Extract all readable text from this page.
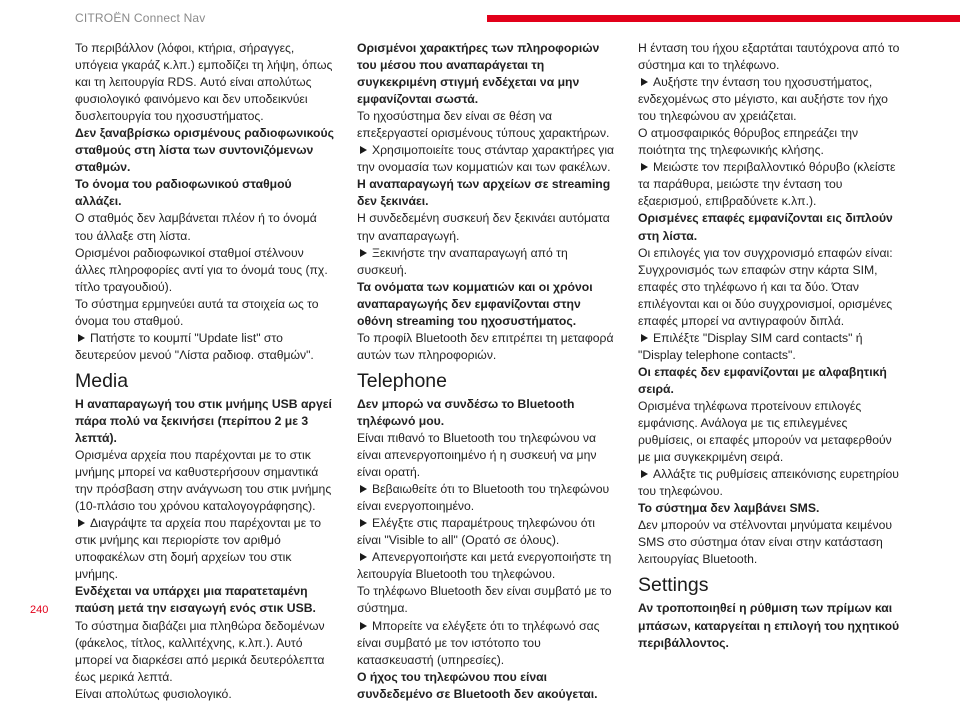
CITROËN Connect Nav
Το περιβάλλον (λόφοι, κτήρια, σήραγγες, υπόγεια γκαράζ κ.λπ.) εμποδίζει τη λήψη, όπως και τη λειτουργία RDS. Αυτό είναι απολύτως φυσιολογικό φαινόμενο και δεν υποδεικνύει δυσλειτουργία του ηχοσυστήματος.
Δεν ξαναβρίσκω ορισμένους ραδιοφωνικούς σταθμούς στη λίστα των συντονιζόμενων σταθμών.
Το όνομα του ραδιοφωνικού σταθμού αλλάζει.
Ο σταθμός δεν λαμβάνεται πλέον ή το όνομά του άλλαξε στη λίστα.
Ορισμένοι ραδιοφωνικοί σταθμοί στέλνουν άλλες πληροφορίες αντί για το όνομά τους (πχ. τίτλο τραγουδιού).
Το σύστημα ερμηνεύει αυτά τα στοιχεία ως το όνομα του σταθμού.
Πατήστε το κουμπί "Update list" στο δευτερεύον μενού "Λίστα ραδιοφ. σταθμών".
Media
Η αναπαραγωγή του στικ μνήμης USB αργεί πάρα πολύ να ξεκινήσει (περίπου 2 με 3 λεπτά).
Ορισμένα αρχεία που παρέχονται με το στικ μνήμης μπορεί να καθυστερήσουν σημαντικά την πρόσβαση στην ανάγνωση του στικ μνήμης (10-πλάσιο του χρόνου καταλογογράφησης).
Διαγράψτε τα αρχεία που παρέχονται με το στικ μνήμης και περιορίστε τον αριθμό υποφακέλων στη δομή αρχείων του στικ μνήμης.
Ενδέχεται να υπάρχει μια παρατεταμένη παύση μετά την εισαγωγή ενός στικ USB.
Το σύστημα διαβάζει μια πληθώρα δεδομένων (φάκελος, τίτλος, καλλιτέχνης, κ.λπ.). Αυτό μπορεί να διαρκέσει από μερικά δευτερόλεπτα έως μερικά λεπτά.
Είναι απολύτως φυσιολογικό.
Ορισμένοι χαρακτήρες των πληροφοριών του μέσου που αναπαράγεται τη συγκεκριμένη στιγμή ενδέχεται να μην εμφανίζονται σωστά.
Το ηχοσύστημα δεν είναι σε θέση να επεξεργαστεί ορισμένους τύπους χαρακτήρων.
Χρησιμοποιείτε τους στάνταρ χαρακτήρες για την ονομασία των κομματιών και των φακέλων.
Η αναπαραγωγή των αρχείων σε streaming δεν ξεκινάει.
Η συνδεδεμένη συσκευή δεν ξεκινάει αυτόματα την αναπαραγωγή.
Ξεκινήστε την αναπαραγωγή από τη συσκευή.
Τα ονόματα των κομματιών και οι χρόνοι αναπαραγωγής δεν εμφανίζονται στην οθόνη streaming του ηχοσυστήματος.
Το προφίλ Bluetooth δεν επιτρέπει τη μεταφορά αυτών των πληροφοριών.
Telephone
Δεν μπορώ να συνδέσω το Bluetooth τηλέφωνό μου.
Είναι πιθανό το Bluetooth του τηλεφώνου να είναι απενεργοποιημένο ή η συσκευή να μην είναι ορατή.
Βεβαιωθείτε ότι το Bluetooth του τηλεφώνου είναι ενεργοποιημένο.
Ελέγξτε στις παραμέτρους τηλεφώνου ότι είναι "Visible to all" (Ορατό σε όλους).
Απενεργοποιήστε και μετά ενεργοποιήστε τη λειτουργία Bluetooth του τηλεφώνου.
Το τηλέφωνο Bluetooth δεν είναι συμβατό με το σύστημα.
Μπορείτε να ελέγξετε ότι το τηλέφωνό σας είναι συμβατό με τον ιστότοπο του κατασκευαστή (υπηρεσίες).
Ο ήχος του τηλεφώνου που είναι συνδεδεμένο σε Bluetooth δεν ακούγεται.
Η ένταση του ήχου εξαρτάται ταυτόχρονα από το σύστημα και το τηλέφωνο.
Αυξήστε την ένταση του ηχοσυστήματος, ενδεχομένως στο μέγιστο, και αυξήστε τον ήχο του τηλεφώνου αν χρειάζεται.
Ο ατμοσφαιρικός θόρυβος επηρεάζει την ποιότητα της τηλεφωνικής κλήσης.
Μειώστε τον περιβαλλοντικό θόρυβο (κλείστε τα παράθυρα, μειώστε την ένταση του εξαερισμού, επιβραδύνετε κ.λπ.).
Ορισμένες επαφές εμφανίζονται εις διπλούν στη λίστα.
Οι επιλογές για τον συγχρονισμό επαφών είναι: Συγχρονισμός των επαφών στην κάρτα SIM, επαφές στο τηλέφωνο ή και τα δύο. Όταν επιλέγονται και οι δύο συγχρονισμοί, ορισμένες επαφές μπορεί να αντιγραφούν διπλά.
Επιλέξτε "Display SIM card contacts" ή "Display telephone contacts".
Οι επαφές δεν εμφανίζονται με αλφαβητική σειρά.
Ορισμένα τηλέφωνα προτείνουν επιλογές εμφάνισης. Ανάλογα με τις επιλεγμένες ρυθμίσεις, οι επαφές μπορούν να μεταφερθούν με μια συγκεκριμένη σειρά.
Αλλάξτε τις ρυθμίσεις απεικόνισης ευρετηρίου του τηλεφώνου.
Το σύστημα δεν λαμβάνει SMS.
Δεν μπορούν να στέλνονται μηνύματα κειμένου SMS στο σύστημα όταν είναι στην κατάσταση λειτουργίας Bluetooth.
Settings
Αν τροποποιηθεί η ρύθμιση των πρίμων και μπάσων, καταργείται η επιλογή του ηχητικού περιβάλλοντος.
240
